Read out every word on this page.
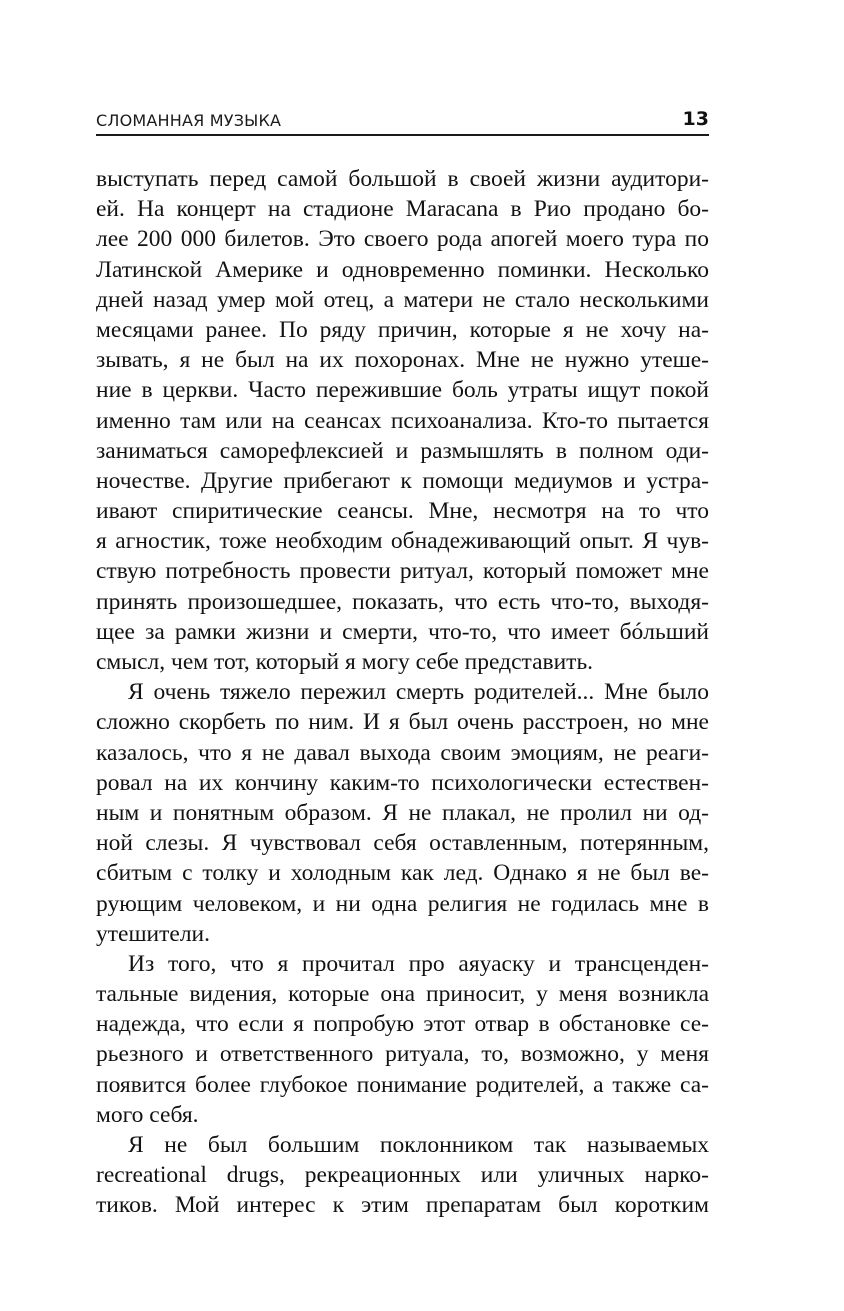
СЛОМАННАЯ МУЗЫКА	13
выступать перед самой большой в своей жизни аудитори-
ей. На концерт на стадионе Maracana в Рио продано бо-
лее 200 000 билетов. Это своего рода апогей моего тура по
Латинской Америке и одновременно поминки. Несколько
дней назад умер мой отец, а матери не стало несколькими
месяцами ранее. По ряду причин, которые я не хочу на-
зывать, я не был на их похоронах. Мне не нужно утеше-
ние в церкви. Часто пережившие боль утраты ищут покой
именно там или на сеансах психоанализа. Кто-то пытается
заниматься саморефлексией и размышлять в полном оди-
ночестве. Другие прибегают к помощи медиумов и устра-
ивают спиритические сеансы. Мне, несмотря на то что
я агностик, тоже необходим обнадеживающий опыт. Я чув-
ствую потребность провести ритуал, который поможет мне
принять произошедшее, показать, что есть что-то, выходя-
щее за рамки жизни и смерти, что-то, что имеет бóльший
смысл, чем тот, который я могу себе представить.
Я очень тяжело пережил смерть родителей... Мне было
сложно скорбеть по ним. И я был очень расстроен, но мне
казалось, что я не давал выхода своим эмоциям, не реаги-
ровал на их кончину каким-то психологически естествен-
ным и понятным образом. Я не плакал, не пролил ни од-
ной слезы. Я чувствовал себя оставленным, потерянным,
сбитым с толку и холодным как лед. Однако я не был ве-
рующим человеком, и ни одна религия не годилась мне в
утешители.
Из того, что я прочитал про аяуаску и трансценден-
тальные видения, которые она приносит, у меня возникла
надежда, что если я попробую этот отвар в обстановке се-
рьезного и ответственного ритуала, то, возможно, у меня
появится более глубокое понимание родителей, а также са-
мого себя.
Я не был большим поклонником так называемых
recreational drugs, рекреационных или уличных нарко-
тиков. Мой интерес к этим препаратам был коротким
